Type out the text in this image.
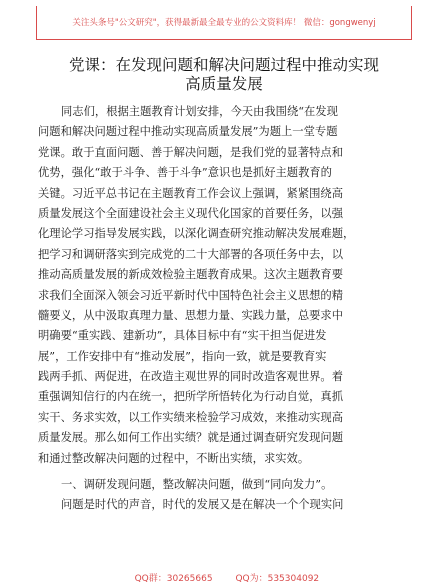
关注头条号"公文研究"，获得最新最全最专业的公文资料库！ 微信：gongwenyj
党课：在发现问题和解决问题过程中推动实现
高质量发展
同志们，根据主题教育计划安排，今天由我围绕“在发现
问题和解决问题过程中推动实现高质量发展”为题上一堂专题
党课。敢于直面问题、善于解决问题，是我们党的显著特点和
优势，强化“敢于斗争、善于斗争”意识也是抓好主题教育的
关键。习近平总书记在主题教育工作会议上强调，紧紧围绕高
质量发展这个全面建设社会主义现代化国家的首要任务，以强
化理论学习指导发展实践，以深化调查研究推动解决发展难题，
把学习和调研落实到完成党的二十大部署的各项任务中去，以
推动高质量发展的新成效检验主题教育成果。这次主题教育要
求我们全面深入领会习近平新时代中国特色社会主义思想的精
髓要义，从中汲取真理力量、思想力量、实践力量，总要求中
明确要“重实践、建新功”，具体目标中有“实干担当促进发
展”，工作安排中有“推动发展”，指向一致，就是要教育实
践两手抓、两促进，在改造主观世界的同时改造客观世界。着
重强调知信行的内在统一，把所学所悟转化为行动自觉，真抓
实干、务求实效，以工作实绩来检验学习成效，来推动实现高
质量发展。那么如何工作出实绩？就是通过调查研究发现问题
和通过整改解决问题的过程中，不断出实绩，求实效。
一、调研发现问题，整改解决问题，做到“同向发力”。
问题是时代的声音，时代的发展又是在解决一个个现实问

QQ群：30265665        QQ为：535304092
